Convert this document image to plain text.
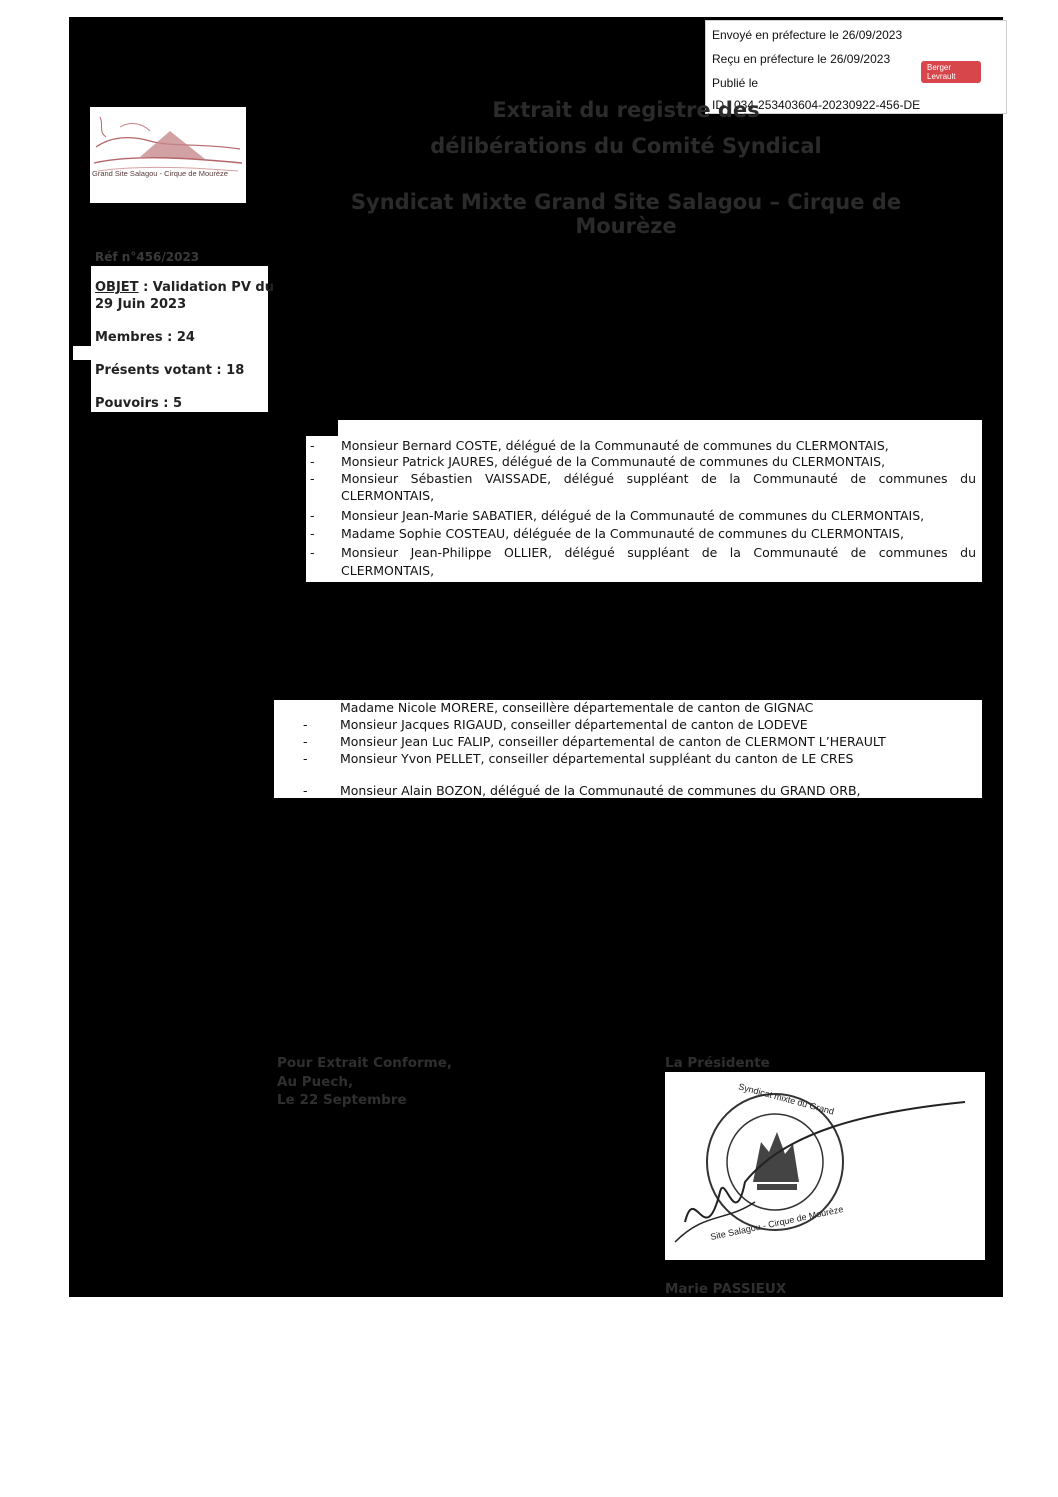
Envoyé en préfecture le 26/09/2023
Reçu en préfecture le 26/09/2023
Publié le
ID : 034-253403604-20230922-456-DE
Berger
Levrault
Grand Site Salagou - Cirque de Mourèze
Extrait du registre des
délibérations du Comité Syndical
Syndicat Mixte Grand Site Salagou – Cirque de Mourèze
Réf n°456/2023
OBJET : Validation PV du
29 Juin 2023
Membres : 24
Présents votant : 18
Pouvoirs : 5
- Monsieur Bernard COSTE, délégué de la Communauté de communes du CLERMONTAIS,
- Monsieur Patrick JAURES, délégué de la Communauté de communes du CLERMONTAIS,
- Monsieur Sébastien VAISSADE, délégué suppléant de la Communauté de communes du
CLERMONTAIS,
- Monsieur Jean-Marie SABATIER, délégué de la Communauté de communes du CLERMONTAIS,
- Madame Sophie COSTEAU, déléguée de la Communauté de communes du CLERMONTAIS,
- Monsieur Jean-Philippe OLLIER, délégué suppléant de la Communauté de communes du
CLERMONTAIS,
Madame Nicole MORERE, conseillère départementale de canton de GIGNAC
-	Monsieur Jacques RIGAUD, conseiller départemental de canton de LODEVE
-	Monsieur Jean Luc FALIP, conseiller départemental de canton de CLERMONT L’HERAULT
-	Monsieur Yvon PELLET, conseiller départemental suppléant du canton de LE CRES
-	Monsieur Alain BOZON, délégué de la Communauté de communes du GRAND ORB,
Pour Extrait Conforme,
Au Puech,
Le 22 Septembre
La Présidente
Syndicat mixte du Grand
Site Salagou - Cirque de Mourèze
Marie PASSIEUX
